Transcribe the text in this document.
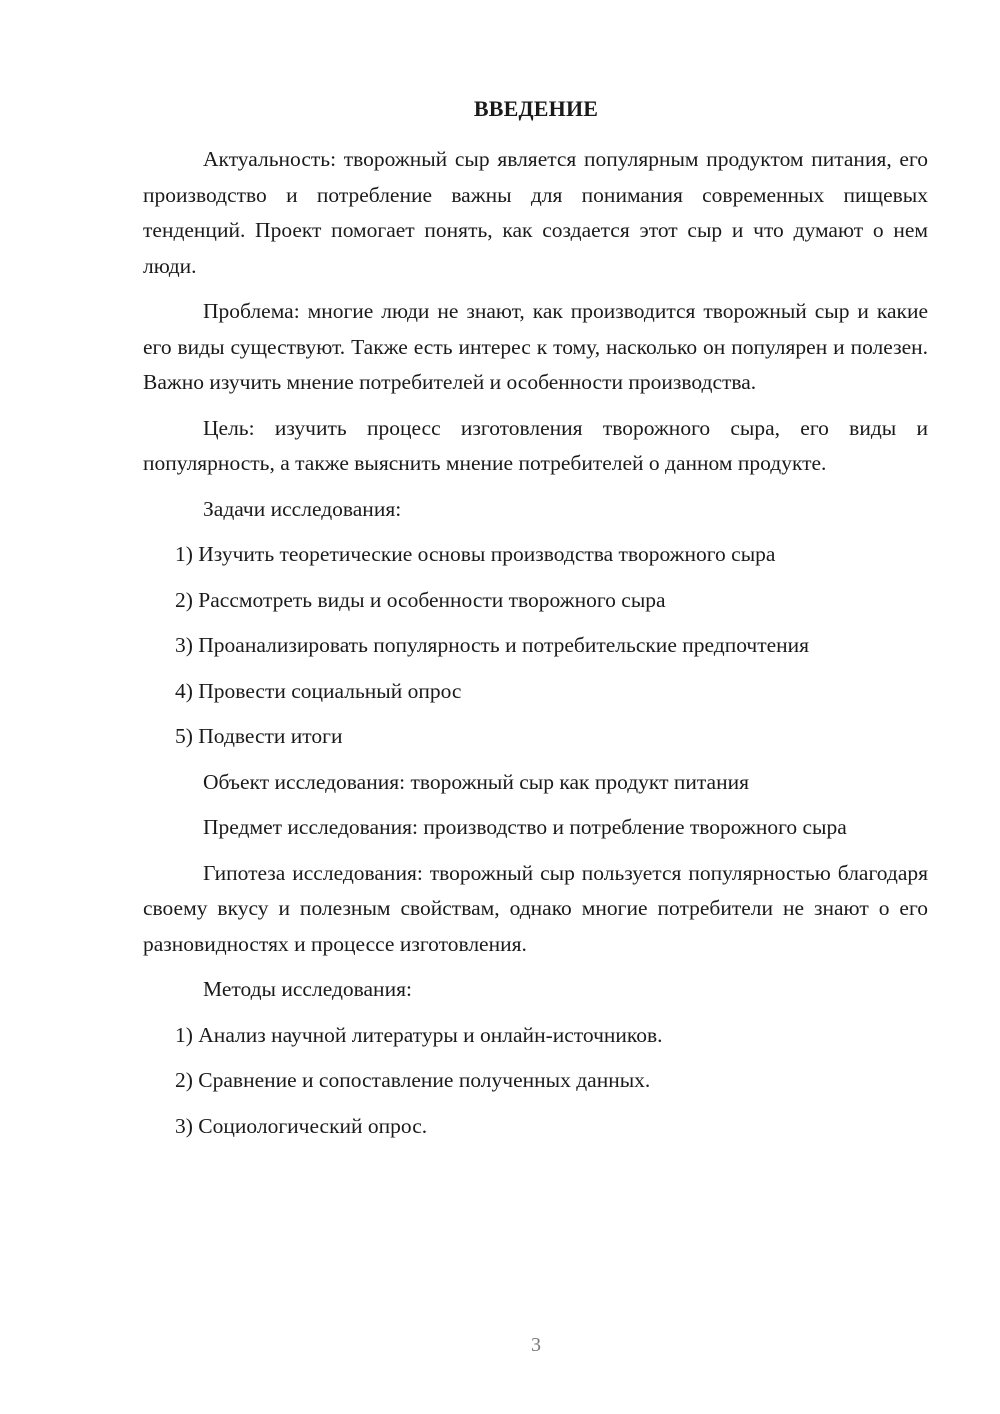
ВВЕДЕНИЕ

Актуальность: творожный сыр является популярным продуктом питания, его производство и потребление важны для понимания современных пищевых тенденций. Проект помогает понять, как создается этот сыр и что думают о нем люди.

Проблема: многие люди не знают, как производится творожный сыр и какие его виды существуют. Также есть интерес к тому, насколько он популярен и полезен. Важно изучить мнение потребителей и особенности производства.

Цель: изучить процесс изготовления творожного сыра, его виды и популярность, а также выяснить мнение потребителей о данном продукте.

Задачи исследования:

1) Изучить теоретические основы производства творожного сыра

2) Рассмотреть виды и особенности творожного сыра

3) Проанализировать популярность и потребительские предпочтения

4) Провести социальный опрос

5) Подвести итоги

Объект исследования: творожный сыр как продукт питания

Предмет исследования: производство и потребление творожного сыра

Гипотеза исследования: творожный сыр пользуется популярностью благодаря своему вкусу и полезным свойствам, однако многие потребители не знают о его разновидностях и процессе изготовления.

Методы исследования:

1) Анализ научной литературы и онлайн-источников.

2) Сравнение и сопоставление полученных данных.

3) Социологический опрос.

3
